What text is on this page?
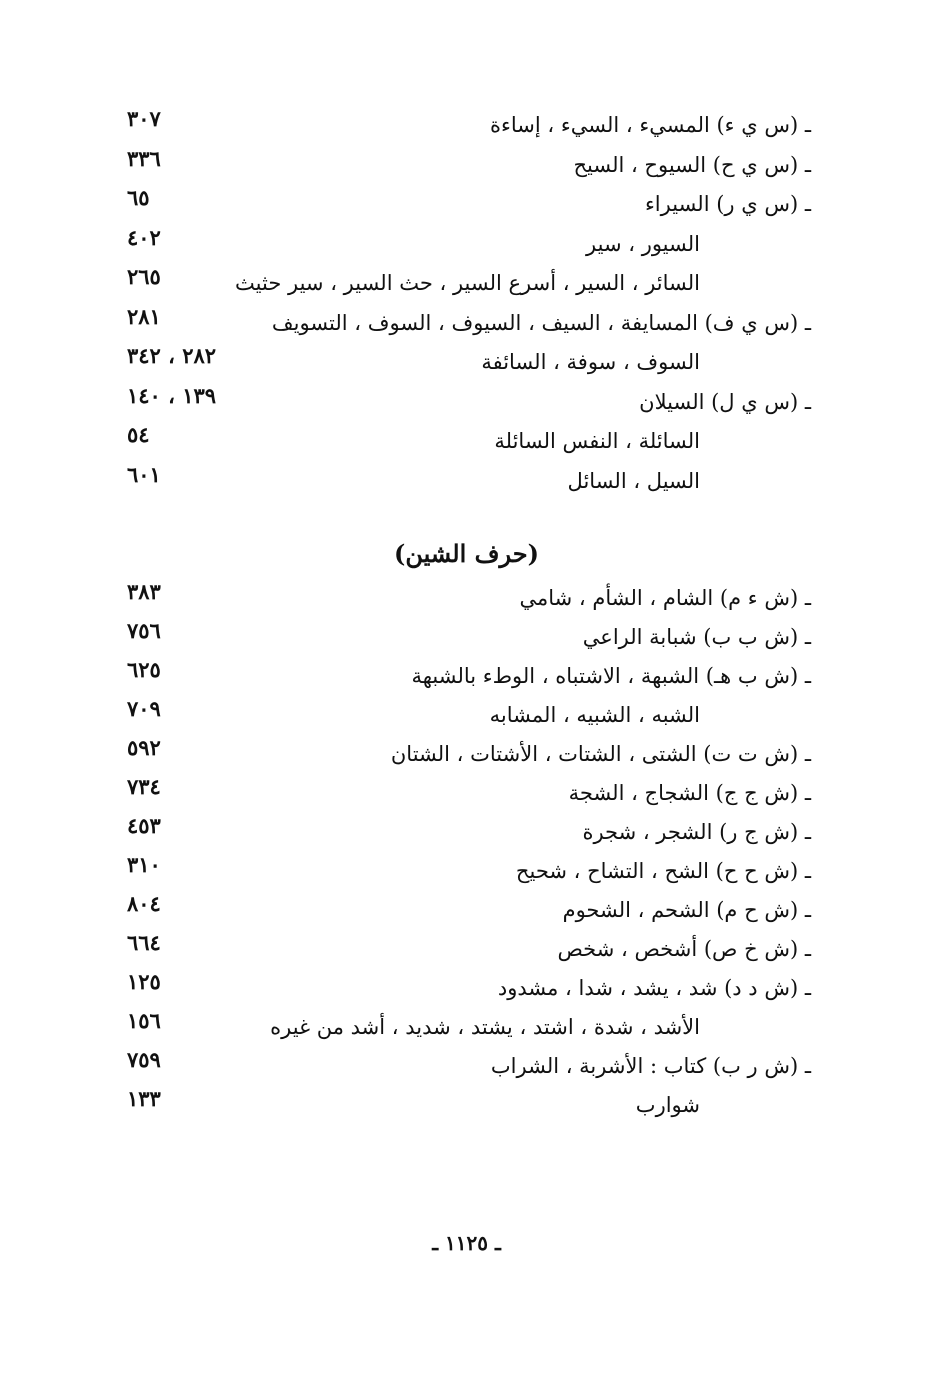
ـ (س ي ء) المسيء ، السيء ، إساءة
٣٠٧
ـ (س ي ح) السيوح ، السيح
٣٣٦
ـ (س ي ر) السيراء
٦٥
السيور ، سير
٤٠٢
السائر ، السير ، أسرع السير ، حث السير ، سير حثيث
٢٦٥
ـ (س ي ف) المسايفة ، السيف ، السيوف ، السوف ، التسويف
٢٨١
السوف ، سوفة ، السائفة
٢٨٢ ، ٣٤٢
ـ (س ي ل) السيلان
١٣٩ ، ١٤٠
السائلة ، النفس السائلة
٥٤
السيل ، السائل
٦٠١
(حرف الشين)
ـ (ش ء م) الشام ، الشأم ، شامي
٣٨٣
ـ (ش ب ب) شبابة الراعي
٧٥٦
ـ (ش ب هـ) الشبهة ، الاشتباه ، الوطء بالشبهة
٦٢٥
الشبه ، الشبيه ، المشابه
٧٠٩
ـ (ش ت ت) الشتى ، الشتات ، الأشتات ، الشتان
٥٩٢
ـ (ش ج ج) الشجاج ، الشجة
٧٣٤
ـ (ش ج ر) الشجر ، شجرة
٤٥٣
ـ (ش ح ح) الشح ، التشاح ، شحيح
٣١٠
ـ (ش ح م) الشحم ، الشحوم
٨٠٤
ـ (ش خ ص) أشخص ، شخص
٦٦٤
ـ (ش د د) شد ، يشد ، شدا ، مشدود
١٢٥
الأشد ، شدة ، اشتد ، يشتد ، شديد ، أشد من غيره
١٥٦
ـ (ش ر ب) كتاب : الأشربة ، الشراب
٧٥٩
شوارب
١٣٣
ـ ١١٢٥ ـ
